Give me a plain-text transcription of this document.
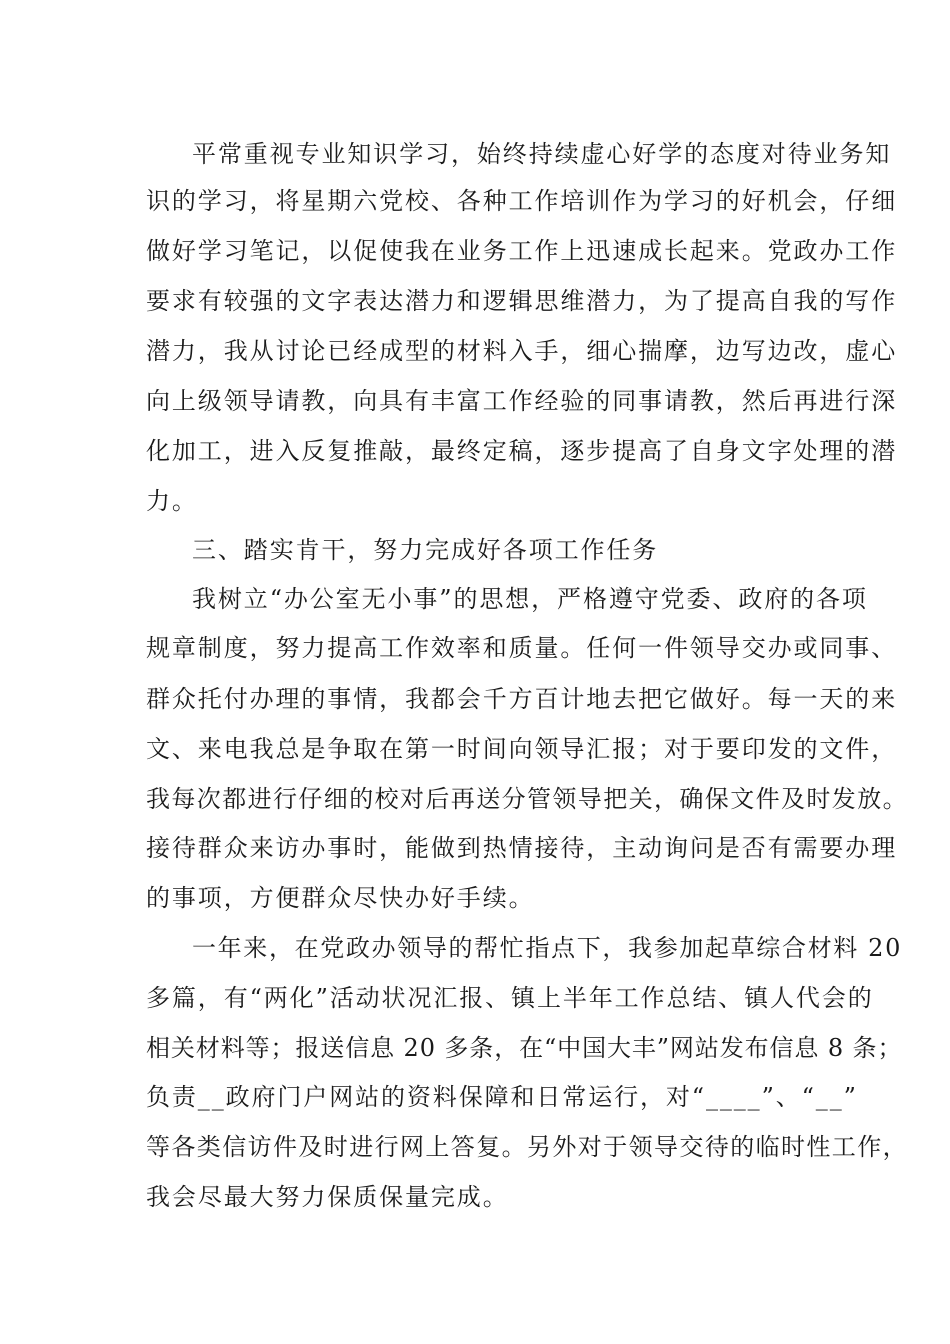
平常重视专业知识学习，始终持续虚心好学的态度对待业务知
识的学习，将星期六党校、各种工作培训作为学习的好机会，仔细
做好学习笔记，以促使我在业务工作上迅速成长起来。党政办工作
要求有较强的文字表达潜力和逻辑思维潜力，为了提高自我的写作
潜力，我从讨论已经成型的材料入手，细心揣摩，边写边改，虚心
向上级领导请教，向具有丰富工作经验的同事请教，然后再进行深
化加工，进入反复推敲，最终定稿，逐步提高了自身文字处理的潜
力。
三、踏实肯干，努力完成好各项工作任务
我树立“办公室无小事”的思想，严格遵守党委、政府的各项
规章制度，努力提高工作效率和质量。任何一件领导交办或同事、
群众托付办理的事情，我都会千方百计地去把它做好。每一天的来
文、来电我总是争取在第一时间向领导汇报；对于要印发的文件，
我每次都进行仔细的校对后再送分管领导把关，确保文件及时发放。
接待群众来访办事时，能做到热情接待，主动询问是否有需要办理
的事项，方便群众尽快办好手续。
一年来，在党政办领导的帮忙指点下，我参加起草综合材料 20
多篇，有“两化”活动状况汇报、镇上半年工作总结、镇人代会的
相关材料等；报送信息 20 多条，在“中国大丰”网站发布信息 8 条；
负责__政府门户网站的资料保障和日常运行，对“____”、“__”
等各类信访件及时进行网上答复。另外对于领导交待的临时性工作，
我会尽最大努力保质保量完成。
